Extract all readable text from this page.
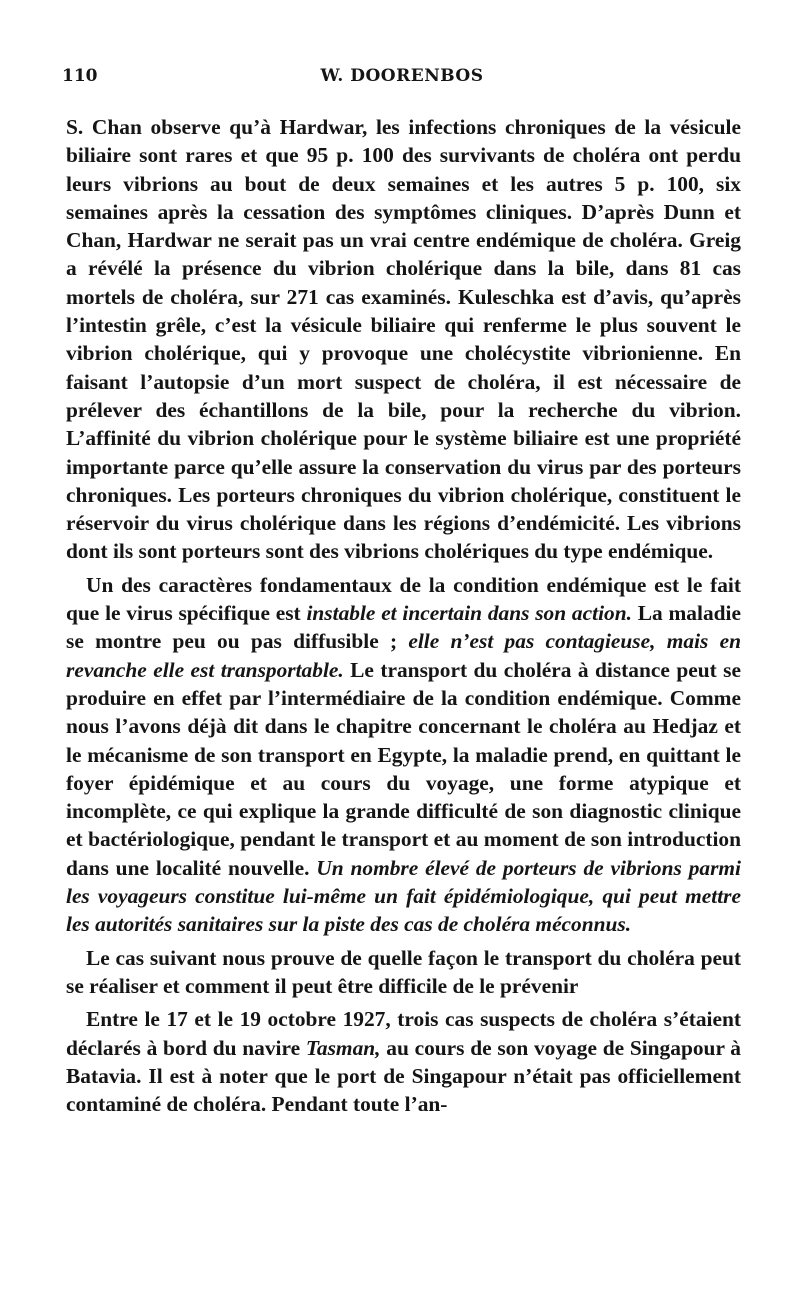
110	W. DOORENBOS

S. Chan observe qu’à Hardwar, les infections chroniques de la vésicule biliaire sont rares et que 95 p. 100 des survivants de choléra ont perdu leurs vibrions au bout de deux semaines et les autres 5 p. 100, six semaines après la cessation des symptômes cliniques. D’après Dunn et Chan, Hardwar ne serait pas un vrai centre endémique de choléra. Greig a révélé la présence du vibrion cholérique dans la bile, dans 81 cas mortels de choléra, sur 271 cas examinés. Kuleschka est d’avis, qu’après l’intestin grêle, c’est la vésicule biliaire qui renferme le plus souvent le vibrion cholérique, qui y provoque une cholécystite vibrionienne. En faisant l’autopsie d’un mort suspect de choléra, il est nécessaire de prélever des échantillons de la bile, pour la recherche du vibrion. L’affinité du vibrion cholérique pour le système biliaire est une propriété importante parce qu’elle assure la conservation du virus par des porteurs chroniques. Les porteurs chroniques du vibrion cholérique, constituent le réservoir du virus cholérique dans les régions d’endémicité. Les vibrions dont ils sont porteurs sont des vibrions cholériques du type endémique.

Un des caractères fondamentaux de la condition endémique est le fait que le virus spécifique est instable et incertain dans son action. La maladie se montre peu ou pas diffusible ; elle n’est pas contagieuse, mais en revanche elle est transportable. Le transport du choléra à distance peut se produire en effet par l’intermédiaire de la condition endémique. Comme nous l’avons déjà dit dans le chapitre concernant le choléra au Hedjaz et le mécanisme de son transport en Egypte, la maladie prend, en quittant le foyer épidémique et au cours du voyage, une forme atypique et incomplète, ce qui explique la grande difficulté de son diagnostic clinique et bactériologique, pendant le transport et au moment de son introduction dans une localité nouvelle. Un nombre élevé de porteurs de vibrions parmi les voyageurs constitue lui-même un fait épidémiologique, qui peut mettre les autorités sanitaires sur la piste des cas de choléra méconnus.

Le cas suivant nous prouve de quelle façon le transport du choléra peut se réaliser et comment il peut être difficile de le prévenir

Entre le 17 et le 19 octobre 1927, trois cas suspects de choléra s’étaient déclarés à bord du navire Tasman, au cours de son voyage de Singapour à Batavia. Il est à noter que le port de Singapour n’était pas officiellement contaminé de choléra. Pendant toute l’an-
